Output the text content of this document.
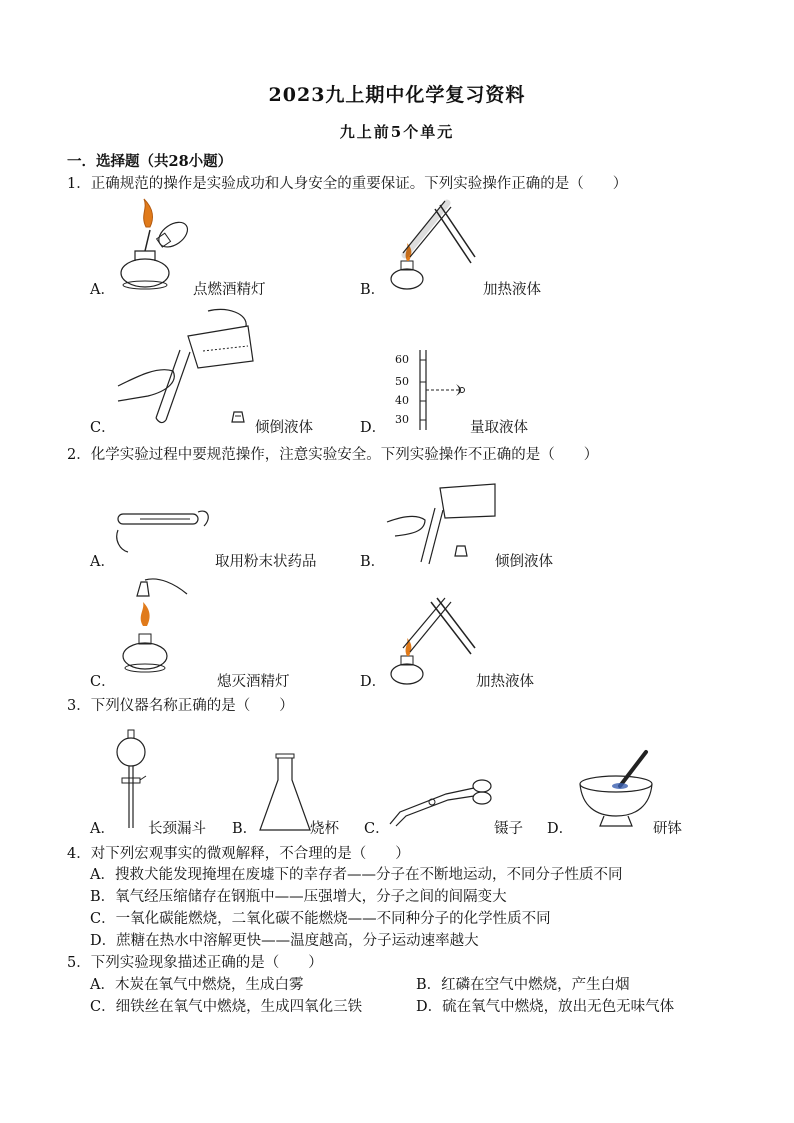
2023九上期中化学复习资料
九上前5个单元
一．选择题（共28小题）
1．正确规范的操作是实验成功和人身安全的重要保证。下列实验操作正确的是（　　）
A．	点燃酒精灯	B．	加热液体
C．	倾倒液体
60
50
40
30
D．	量取液体
2．化学实验过程中要规范操作，注意实验安全。下列实验操作不正确的是（　　）
A．	取用粉末状药品	B．	倾倒液体
C．	熄灭酒精灯	D．	加热液体
3．下列仪器名称正确的是（　　）
A． 长颈漏斗 B．	烧杯 C．	镊子 D．	研钵
4．对下列宏观事实的微观解释，不合理的是（　　）
A．搜救犬能发现掩埋在废墟下的幸存者——分子在不断地运动，不同分子性质不同
B．氧气经压缩储存在钢瓶中——压强增大，分子之间的间隔变大
C．一氧化碳能燃烧，二氧化碳不能燃烧——不同种分子的化学性质不同
D．蔗糖在热水中溶解更快——温度越高，分子运动速率越大
5．下列实验现象描述正确的是（　　）
A．木炭在氧气中燃烧，生成白雾	B．红磷在空气中燃烧，产生白烟
C．细铁丝在氧气中燃烧，生成四氧化三铁	D．硫在氧气中燃烧，放出无色无味气体
